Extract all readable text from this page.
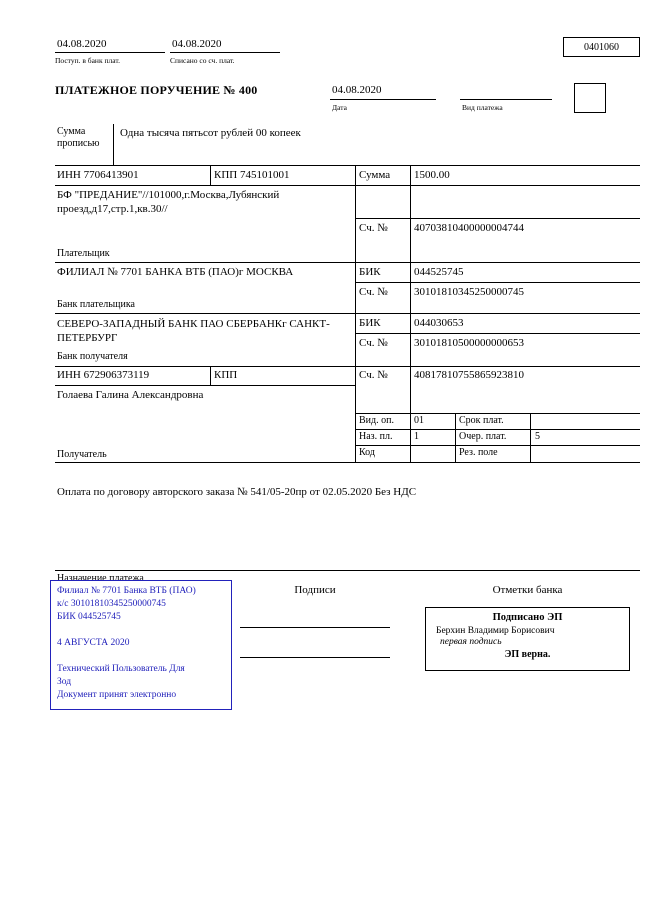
04.08.2020
Поступ. в банк плат.
04.08.2020
Списано со сч. плат.
0401060
ПЛАТЕЖНОЕ ПОРУЧЕНИЕ № 400	04.08.2020
Дата	Вид платежа
Сумма прописью
Одна тысяча пятьсот рублей 00 копеек
ИНН 7706413901	КПП 745101001	Сумма 1500.00
БФ "ПРЕДАНИЕ"//101000,г.Москва,Лубянский проезд,д17,стр.1,кв.30//
Сч. № 40703810400000004744
Плательщик
ФИЛИАЛ № 7701 БАНКА ВТБ (ПАО)г МОСКВА	БИК	044525745
Сч. № 30101810345250000745
Банк плательщика
СЕВЕРО-ЗАПАДНЫЙ БАНК ПАО СБЕРБАНКг САНКТ-ПЕТЕРБУРГ
БИК	044030653
Сч. № 30101810500000000653
Банк получателя
ИНН 672906373119	КПП	Сч. № 40817810755865923810
Голаева Галина Александровна
Вид. оп. 01	Срок плат.
Наз. пл. 1	Очер. плат.	5
Код	Рез. поле
Получатель
Оплата по договору авторского заказа № 541/05-20пр от 02.05.2020 Без НДС
Назначение платежа
Филиал № 7701 Банка ВТБ (ПАО)
к/с 30101810345250000745
БИК 044525745
4 АВГУСТА 2020
Технический Пользователь Для
Зод
Документ принят электронно
Подписи	Отметки банка
Подписано ЭП
Берхин Владимир Борисович
первая подпись
ЭП верна.
